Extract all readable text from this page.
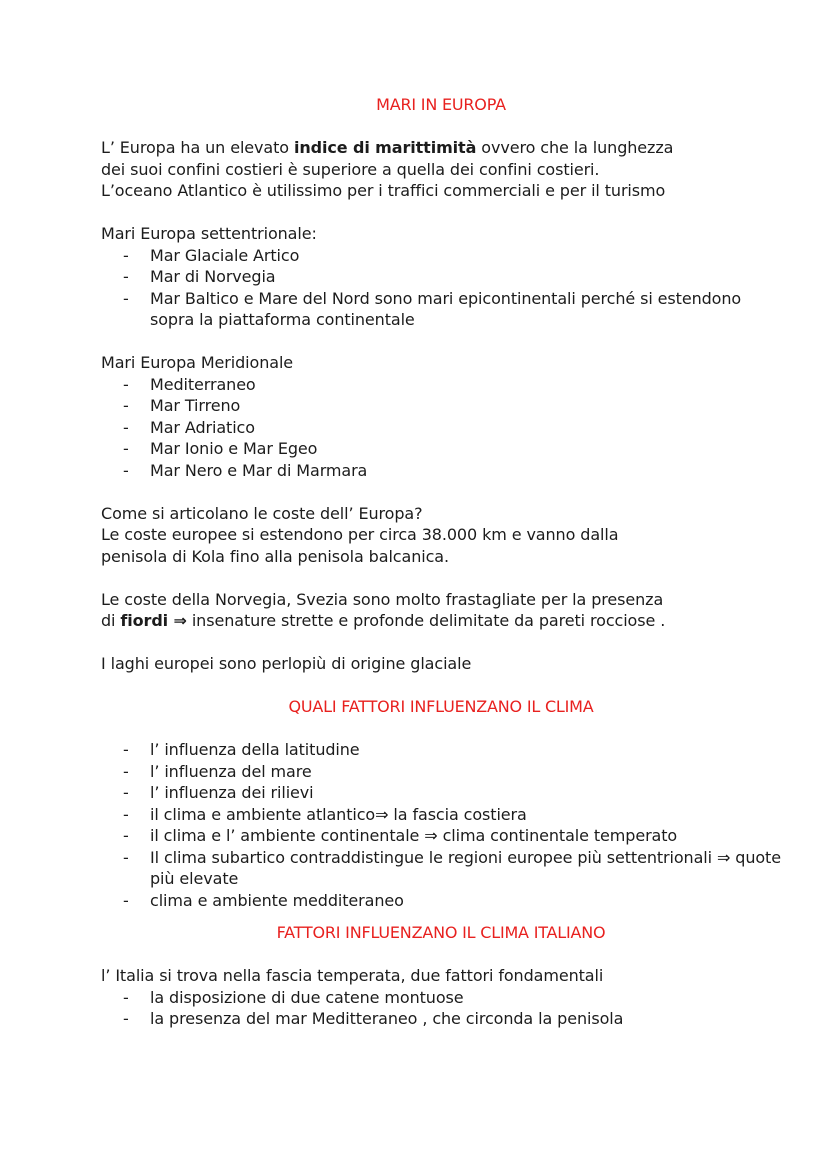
MARI IN EUROPA

L’ Europa ha un elevato indice di marittimità ovvero che la lunghezza

dei suoi confini costieri è superiore a quella dei confini costieri.

L’oceano Atlantico è utilissimo per i traffici commerciali e per il turismo

Mari Europa settentrionale:

- Mar Glaciale Artico
- Mar di Norvegia
- Mar Baltico e Mare del Nord sono mari epicontinentali perché si estendono sopra la piattaforma continentale

Mari Europa Meridionale

- Mediterraneo
- Mar Tirreno
- Mar Adriatico
- Mar Ionio e Mar Egeo
- Mar Nero e Mar di Marmara

Come si articolano le coste dell’ Europa?

Le coste europee si estendono per circa 38.000 km e vanno dalla

penisola di Kola fino alla penisola balcanica.

Le coste della Norvegia, Svezia sono molto frastagliate per la presenza

di fiordi ⇒ insenature strette e profonde delimitate da pareti rocciose .

I laghi europei sono perlopiù di origine glaciale

QUALI FATTORI INFLUENZANO IL CLIMA

- l’ influenza della latitudine
- l’ influenza del mare
- l’ influenza dei rilievi
- il clima e ambiente atlantico⇒ la fascia costiera
- il clima e l’ ambiente continentale ⇒ clima continentale temperato
- Il clima subartico contraddistingue le regioni europee più settentrionali ⇒ quote più elevate
- clima e ambiente medditeraneo

FATTORI INFLUENZANO IL CLIMA ITALIANO

l’ Italia si trova nella fascia temperata, due fattori fondamentali

- la disposizione di due catene montuose
- la presenza del mar Meditteraneo , che circonda la penisola
